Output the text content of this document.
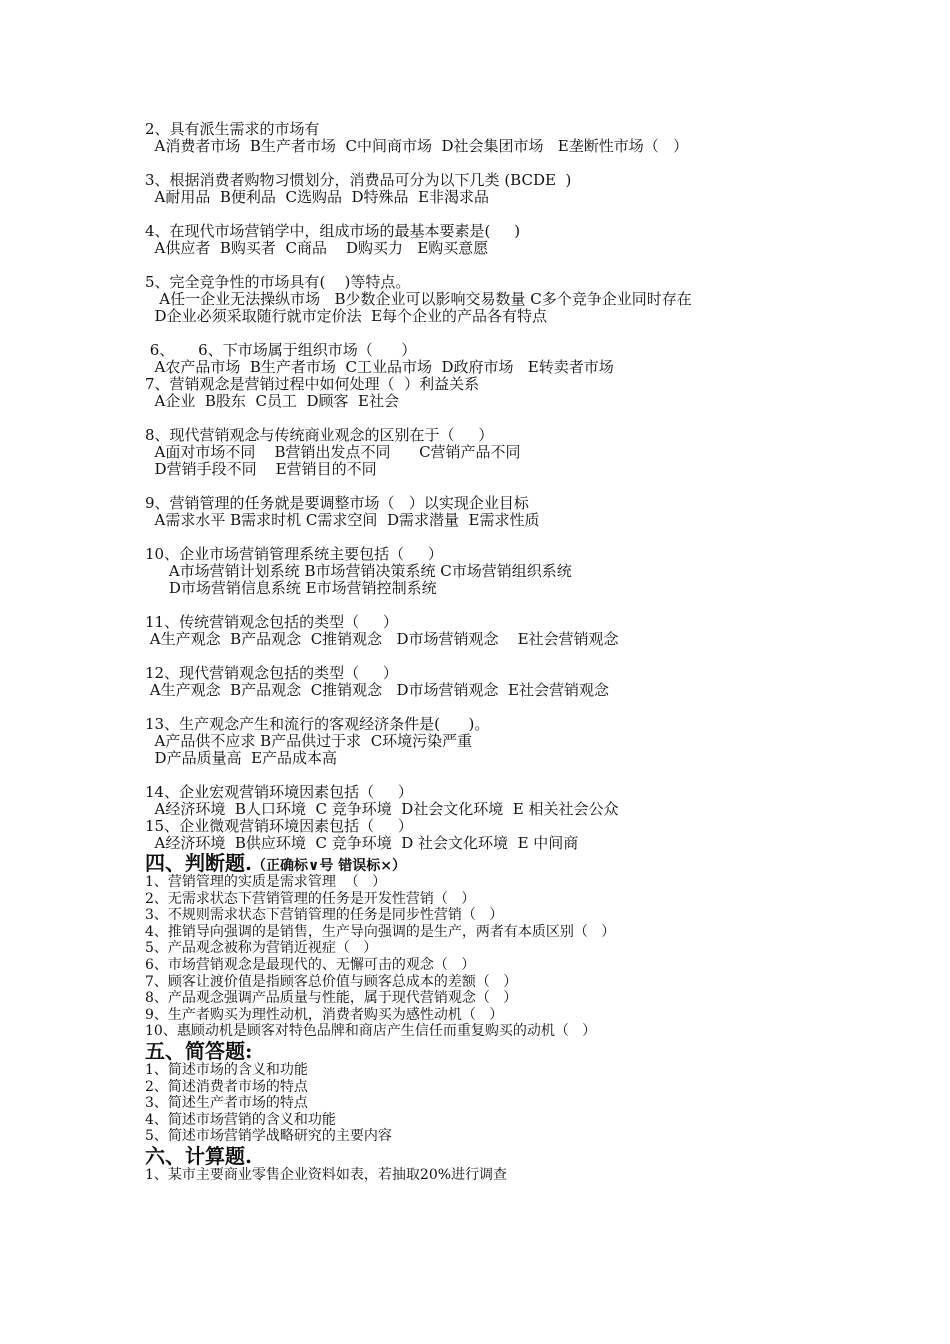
2、具有派生需求的市场有
A消费者市场  B生产者市场  C中间商市场  D社会集团市场   E垄断性市场（   ）
3、根据消费者购物习惯划分，消费品可分为以下几类 (BCDE  )
A耐用品  B便利品  C选购品  D特殊品  E非渴求品
4、在现代市场营销学中，组成市场的最基本要素是(     )
A供应者  B购买者  C商品    D购买力   E购买意愿
5、完全竞争性的市场具有(    )等特点。
A任一企业无法操纵市场   B少数企业可以影响交易数量 C多个竞争企业同时存在
D企业必须采取随行就市定价法  E每个企业的产品各有特点
6、     6、下市场属于组织市场（      ）
A农产品市场  B生产者市场  C工业品市场  D政府市场   E转卖者市场
7、营销观念是营销过程中如何处理（  ）利益关系
A企业  B股东  C员工  D顾客  E社会
8、现代营销观念与传统商业观念的区别在于（     ）
A面对市场不同    B营销出发点不同      C营销产品不同
D营销手段不同    E营销目的不同
9、营销管理的任务就是要调整市场（   ）以实现企业目标
A需求水平 B需求时机 C需求空间  D需求潜量  E需求性质
10、企业市场营销管理系统主要包括（     ）
A市场营销计划系统 B市场营销决策系统 C市场营销组织系统
D市场营销信息系统 E市场营销控制系统
11、传统营销观念包括的类型（     ）
A生产观念  B产品观念  C推销观念   D市场营销观念    E社会营销观念
12、现代营销观念包括的类型（     ）
A生产观念  B产品观念  C推销观念   D市场营销观念  E社会营销观念
13、生产观念产生和流行的客观经济条件是(      )。
A产品供不应求 B产品供过于求  C环境污染严重
D产品质量高  E产品成本高
14、企业宏观营销环境因素包括（     ）
A经济环境  B人口环境  C 竞争环境  D社会文化环境  E 相关社会公众
15、企业微观营销环境因素包括（     ）
A经济环境  B供应环境  C 竞争环境  D 社会文化环境  E 中间商
四、判断题.（正确标∨号 错误标×）
1、营销管理的实质是需求管理  （   ）
2、无需求状态下营销管理的任务是开发性营销（   ）
3、不规则需求状态下营销管理的任务是同步性营销（   ）
4、推销导向强调的是销售，生产导向强调的是生产，两者有本质区别（   ）
5、产品观念被称为营销近视症（   ）
6、市场营销观念是最现代的、无懈可击的观念（   ）
7、顾客让渡价值是指顾客总价值与顾客总成本的差额（   ）
8、产品观念强调产品质量与性能，属于现代营销观念（   ）
9、生产者购买为理性动机，消费者购买为感性动机（   ）
10、惠顾动机是顾客对特色品牌和商店产生信任而重复购买的动机（   ）
五、简答题:
1、简述市场的含义和功能
2、简述消费者市场的特点
3、简述生产者市场的特点
4、简述市场营销的含义和功能
5、简述市场营销学战略研究的主要内容
六、计算题.
1、某市主要商业零售企业资料如表，若抽取20%进行调查
